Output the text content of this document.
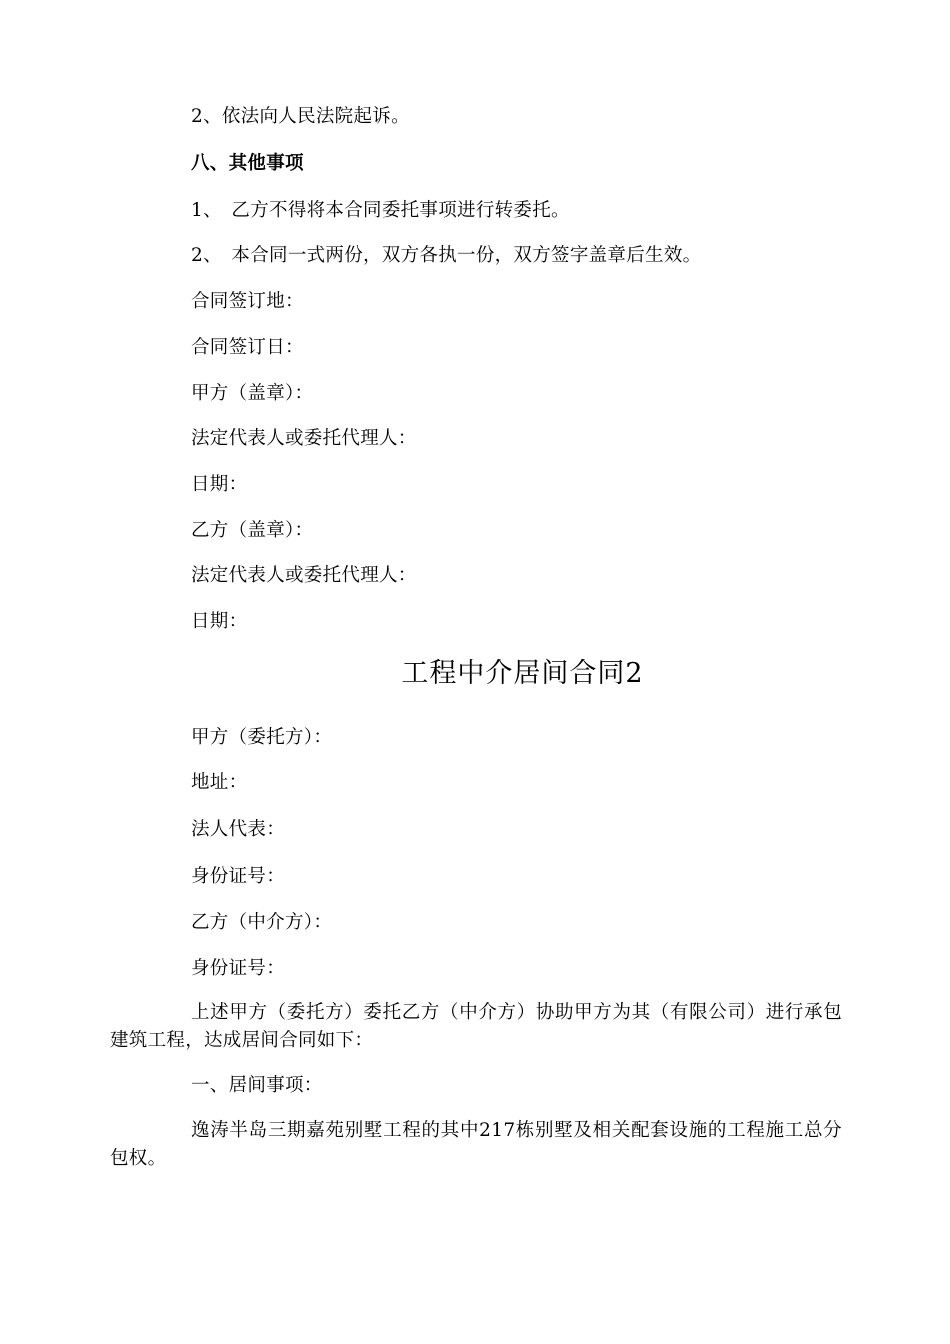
2、依法向人民法院起诉。
八、其他事项
1、　乙方不得将本合同委托事项进行转委托。
2、　本合同一式两份，双方各执一份，双方签字盖章后生效。
合同签订地：
合同签订日：
甲方（盖章）：
法定代表人或委托代理人：
日期：
乙方（盖章）：
法定代表人或委托代理人：
日期：
工程中介居间合同2
甲方（委托方）：
地址：
法人代表：
身份证号：
乙方（中介方）：
身份证号：
上述甲方（委托方）委托乙方（中介方）协助甲方为其（有限公司）进行承包建筑工程，达成居间合同如下：
一、居间事项：
逸涛半岛三期嘉苑别墅工程的其中217栋别墅及相关配套设施的工程施工总分包权。
